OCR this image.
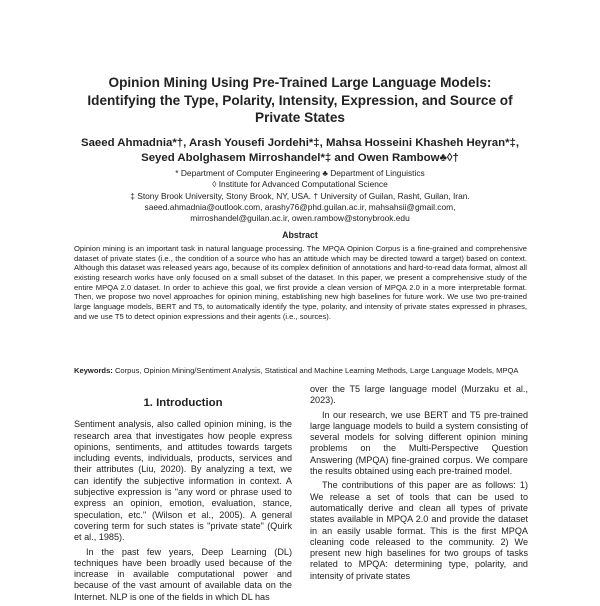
Opinion Mining Using Pre-Trained Large Language Models:
Identifying the Type, Polarity, Intensity, Expression, and Source of
Private States
Saeed Ahmadnia*†, Arash Yousefi Jordehi*‡, Mahsa Hosseini Khasheh Heyran*‡,
Seyed Abolghasem Mirroshandel*‡ and Owen Rambow♣◊†
* Department of Computer Engineering ♣ Department of Linguistics
◊ Institute for Advanced Computational Science
‡ Stony Brook University, Stony Brook, NY, USA. † University of Guilan, Rasht, Guilan, Iran.
saeed.ahmadnia@outlook.com, arashy76@phd.guilan.ac.ir, mahsahsii@gmail.com,
mirroshandel@guilan.ac.ir, owen.rambow@stonybrook.edu
Abstract
Opinion mining is an important task in natural language processing. The MPQA Opinion Corpus is a fine-grained and comprehensive dataset of private states (i.e., the condition of a source who has an attitude which may be directed toward a target) based on context. Although this dataset was released years ago, because of its complex definition of annotations and hard-to-read data format, almost all existing research works have only focused on a small subset of the dataset. In this paper, we present a comprehensive study of the entire MPQA 2.0 dataset. In order to achieve this goal, we first provide a clean version of MPQA 2.0 in a more interpretable format. Then, we propose two novel approaches for opinion mining, establishing new high baselines for future work. We use two pre-trained large language models, BERT and T5, to automatically identify the type, polarity, and intensity of private states expressed in phrases, and we use T5 to detect opinion expressions and their agents (i.e., sources).
Keywords: Corpus, Opinion Mining/Sentiment Analysis, Statistical and Machine Learning Methods, Large Language Models, MPQA
1. Introduction

Sentiment analysis, also called opinion mining, is the research area that investigates how people express opinions, sentiments, and attitudes towards targets including events, individuals, products, services and their attributes (Liu, 2020). By analyzing a text, we can identify the subjective information in context. A subjective expression is "any word or phrase used to express an opinion, emotion, evaluation, stance, speculation, etc." (Wilson et al., 2005). A general covering term for such states is "private state" (Quirk et al., 1985).

In the past few years, Deep Learning (DL) techniques have been broadly used because of the increase in available computational power and because of the vast amount of available data on the Internet. NLP is one of the fields in which DL has

over the T5 large language model (Murzaku et al., 2023).

In our research, we use BERT and T5 pre-trained large language models to build a system consisting of several models for solving different opinion mining problems on the Multi-Perspective Question Answering (MPQA) fine-grained corpus. We compare the results obtained using each pre-trained model.

The contributions of this paper are as follows: 1) We release a set of tools that can be used to automatically derive and clean all types of private states available in MPQA 2.0 and provide the dataset in an easily usable format. This is the first MPQA cleaning code released to the community. 2) We present new high baselines for two groups of tasks related to MPQA: determining type, polarity, and intensity of private states
